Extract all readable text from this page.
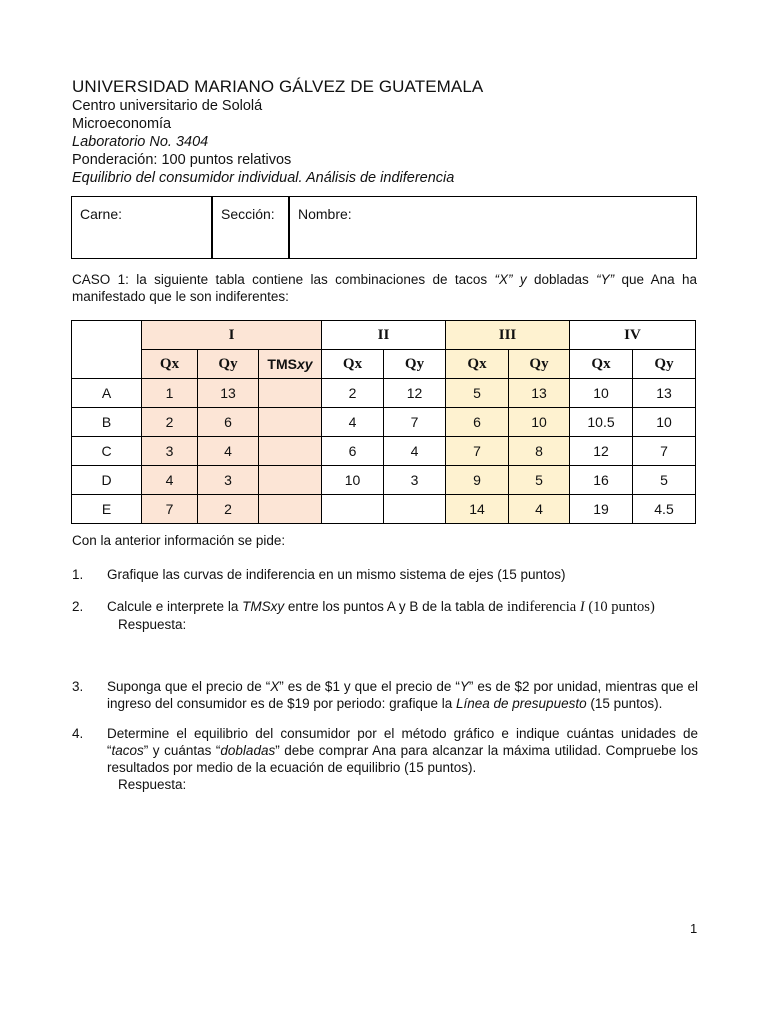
UNIVERSIDAD MARIANO GÁLVEZ DE GUATEMALA
Centro universitario de Sololá
Microeconomía
Laboratorio No. 3404
Ponderación: 100 puntos relativos
Equilibrio del consumidor individual. Análisis de indiferencia
Carne:	Sección:	Nombre:
CASO 1: la siguiente tabla contiene las combinaciones de tacos “X” y dobladas “Y” que Ana ha manifestado que le son indiferentes:
	I			II		III		IV	
	Qx	Qy	TMSxy	Qx	Qy	Qx	Qy	Qx	Qy
A	1	13		2	12	5	13	10	13
B	2	6		4	7	6	10	10.5	10
C	3	4		6	4	7	8	12	7
D	4	3		10	3	9	5	16	5
E	7	2				14	4	19	4.5
Con la anterior información se pide:
1. Grafique las curvas de indiferencia en un mismo sistema de ejes (15 puntos)
2. Calcule e interprete la TMSxy entre los puntos A y B de la tabla de indiferencia I (10 puntos)
Respuesta:
3. Suponga que el precio de “X” es de $1 y que el precio de “Y” es de $2 por unidad, mientras que el ingreso del consumidor es de $19 por periodo: grafique la Línea de presupuesto (15 puntos).
4. Determine el equilibrio del consumidor por el método gráfico e indique cuántas unidades de “tacos” y cuántas “dobladas” debe comprar Ana para alcanzar la máxima utilidad. Compruebe los resultados por medio de la ecuación de equilibrio (15 puntos).
Respuesta:
1
